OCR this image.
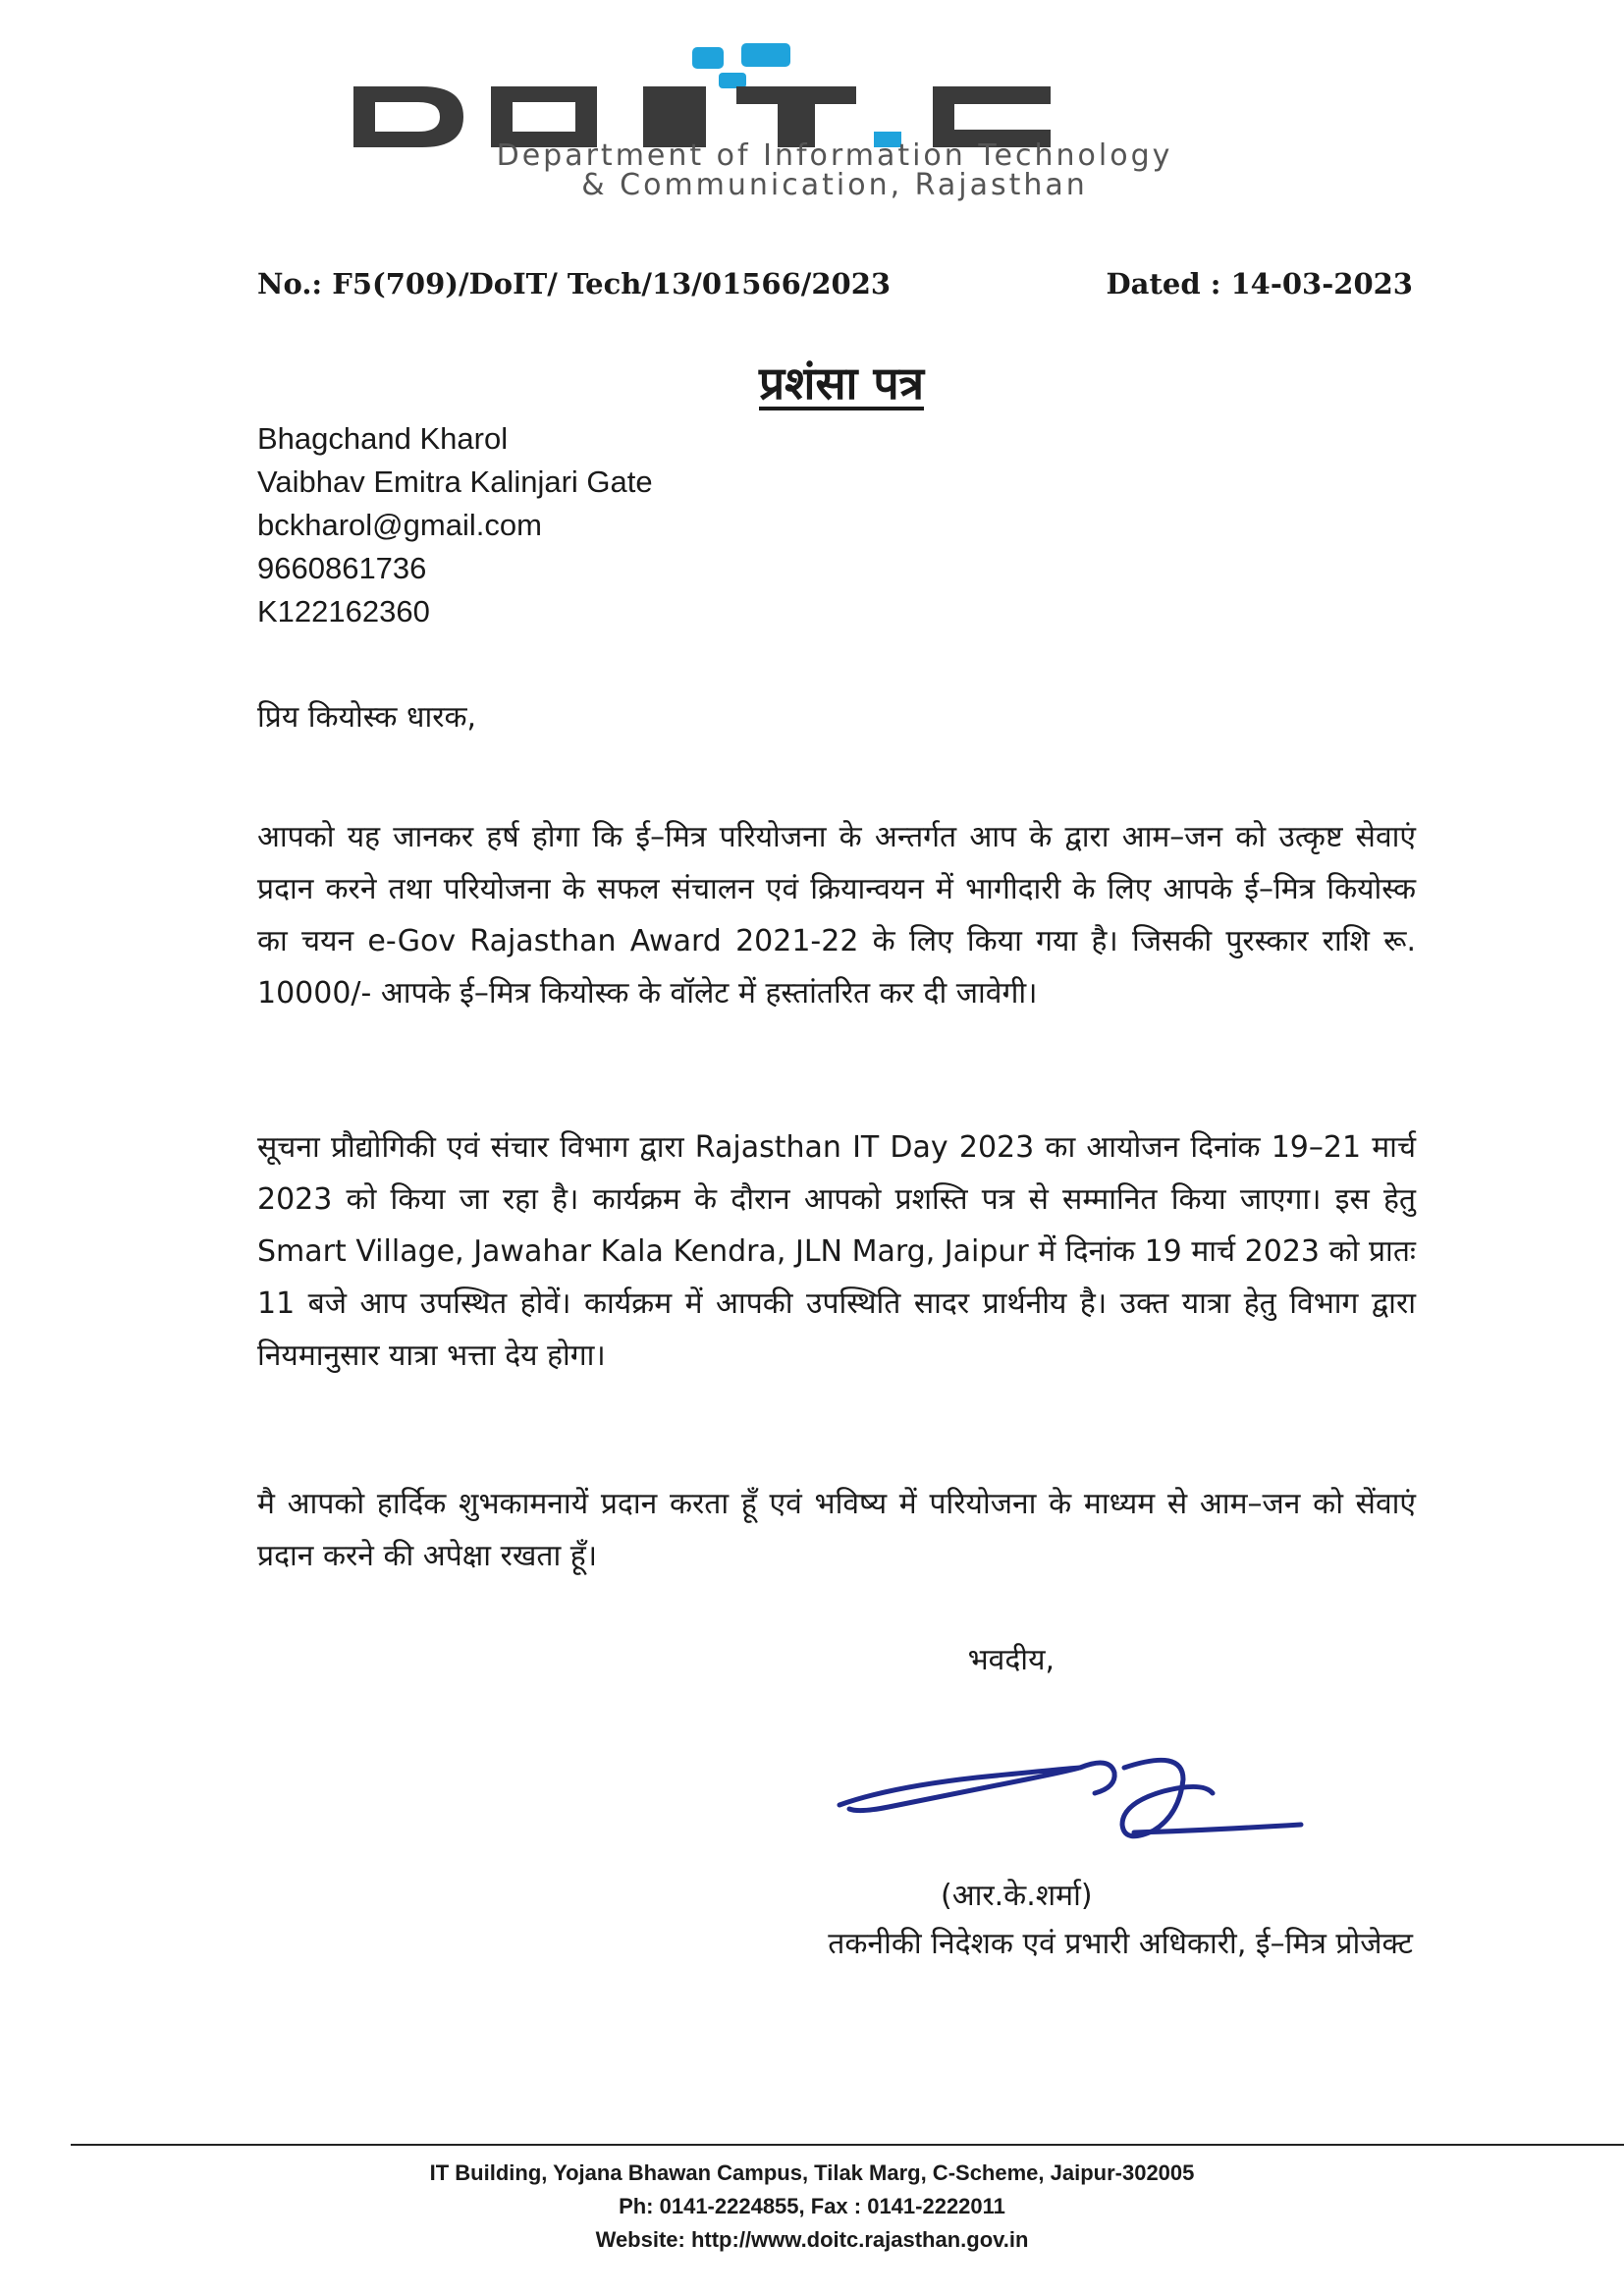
Department of Information Technology
& Communication, Rajasthan
No.: F5(709)/DoIT/ Tech/13/01566/2023	Dated : 14-03-2023
प्रशंसा पत्र
Bhagchand Kharol
Vaibhav Emitra Kalinjari Gate
bckharol@gmail.com
9660861736
K122162360
प्रिय कियोस्क धारक,
आपको यह जानकर हर्ष होगा कि ई–मित्र परियोजना के अन्तर्गत आप के द्वारा आम–जन को उत्कृष्ट सेवाएं प्रदान करने तथा परियोजना के सफल संचालन एवं क्रियान्वयन में भागीदारी के लिए आपके ई–मित्र कियोस्क का चयन e-Gov Rajasthan Award 2021-22 के लिए किया गया है। जिसकी पुरस्कार राशि रू. 10000/- आपके ई–मित्र कियोस्क के वॉलेट में हस्तांतरित कर दी जावेगी।
सूचना प्रौद्योगिकी एवं संचार विभाग द्वारा Rajasthan IT Day 2023 का आयोजन दिनांक 19–21 मार्च 2023 को किया जा रहा है। कार्यक्रम के दौरान आपको प्रशस्ति पत्र से सम्मानित किया जाएगा। इस हेतु Smart Village, Jawahar Kala Kendra, JLN Marg, Jaipur में दिनांक 19 मार्च 2023 को प्रातः 11 बजे आप उपस्थित होवें। कार्यक्रम में आपकी उपस्थिति सादर प्रार्थनीय है। उक्त यात्रा हेतु विभाग द्वारा नियमानुसार यात्रा भत्ता देय होगा।
मै आपको हार्दिक शुभकामनायें प्रदान करता हूँ एवं भविष्य में परियोजना के माध्यम से आम–जन को सेंवाएं प्रदान करने की अपेक्षा रखता हूँ।
भवदीय,
(आर.के.शर्मा)
तकनीकी निदेशक एवं प्रभारी अधिकारी, ई–मित्र प्रोजेक्ट
IT Building, Yojana Bhawan Campus, Tilak Marg, C-Scheme, Jaipur-302005
Ph: 0141-2224855, Fax : 0141-2222011
Website: http://www.doitc.rajasthan.gov.in
